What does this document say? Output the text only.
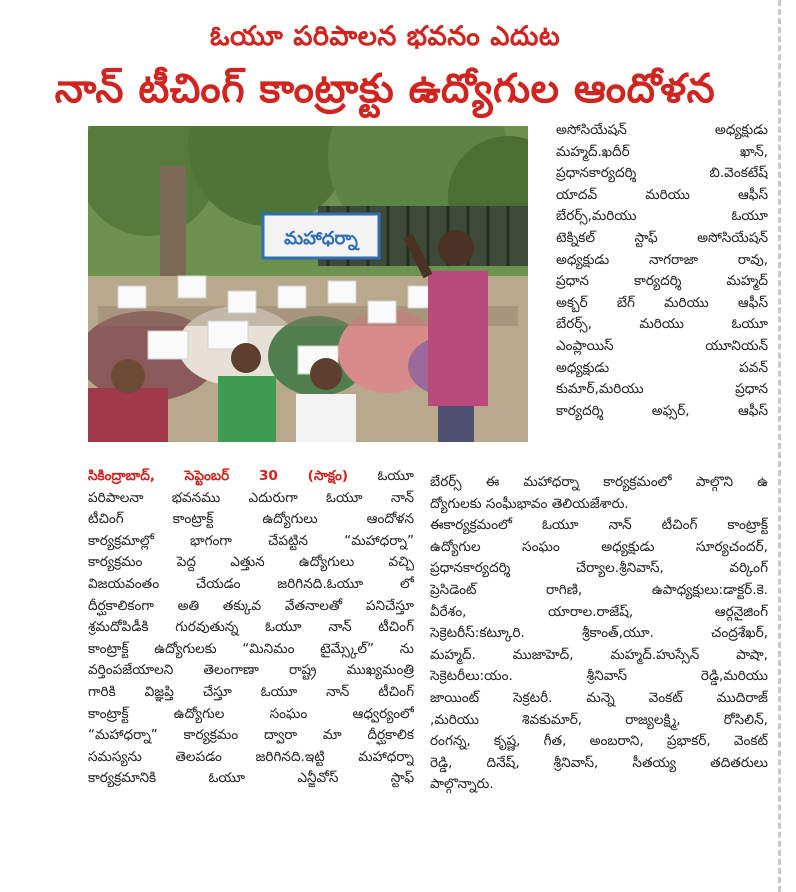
ఓయూ పరిపాలన భవనం ఎదుట
నాన్ టీచింగ్ కాంట్రాక్టు ఉద్యోగుల ఆందోళన
మహాధర్నా
అసోసియేషన్ అధ్యక్షుడు
మహ్మద్.ఖదీర్ ఖాన్,
ప్రధానకార్యదర్శి బి.వెంకటేష్
యాదవ్ మరియు ఆఫీస్
బేరర్స్,మరియు ఓయూ
టెక్నికల్ స్టాఫ్ అసోసియేషన్
అధ్యక్షుడు నాగరాజా రావు,
ప్రధాన కార్యదర్శి మహ్మద్
అక్బర్ బేగ్ మరియు ఆఫీస్
బేరర్స్, మరియు ఓయూ
ఎంప్లాయిస్ యూనియన్
అధ్యక్షుడు పవన్
కుమార్,మరియు ప్రధాన
కార్యదర్శి అఫ్సర్, ఆఫీస్
సికింద్రాబాద్, సెప్టెంబర్ 30 (సాక్షం) ఓయూ
పరిపాలనా భవనము ఎదురుగా ఓయూ నాన్
టీచింగ్ కాంట్రాక్ట్ ఉద్యోగులు ఆందోళన
కార్యక్రమాల్లో భాగంగా చేపట్టిన “మహాధర్నా”
కార్యక్రమం పెద్ద ఎత్తున ఉద్యోగులు వచ్చి
విజయవంతం చేయడం జరిగినది.ఓయూ లో
దీర్ఘకాలికంగా అతి తక్కువ వేతనాలతో పనిచేస్తూ
శ్రమదోపిడీకి గురవుతున్న ఓయూ నాన్ టీచింగ్
కాంట్రాక్ట్ ఉద్యోగులకు “మినిమం టైమ్స్కేల్” ను
వర్తింపజేయాలని తెలంగాణా రాష్ట్ర ముఖ్యమంత్రి
గారికి విజ్ఞప్తి చేస్తూ ఓయూ నాన్ టీచింగ్
కాంట్రాక్ట్ ఉద్యోగుల సంఘం ఆధ్వర్యంలో
“మహాధర్నా” కార్యక్రమం ద్వారా మా దీర్ఘకాలిక
సమస్యను తెలపడం జరిగినది.ఇట్టి మహాధర్నా
కార్యక్రమానికి ఓయూ ఎన్జీవోస్ స్టాఫ్
బేరర్స్ ఈ మహాధర్నా కార్యక్రమంలో పాల్గొని ఉ
ద్యోగులకు సంఘీభావం తెలియజేశారు.
ఈకార్యక్రమంలో ఓయూ నాన్ టీచింగ్ కాంట్రాక్ట్
ఉద్యోగుల సంఘం అధ్యక్షుడు సూర్యచందర్,
ప్రధానకార్యదర్శి చేర్యాల.శ్రీనివాస్, వర్కింగ్
ప్రెసిడెంట్ రాగిణి, ఉపాధ్యక్షులు:డాక్టర్.కె.
వీరేశం, యారాల.రాజేష్, ఆర్గనైజింగ్
సెక్రెటరీస్:కట్కూరి. శ్రీకాంత్,యూ. చంద్రశేఖర్,
మహ్మద్. ముజాహెద్, మహ్మద్.హుస్సేన్ పాషా,
సెక్రెటరీలు:యం. శ్రీనివాస్ రెడ్డి,మరియు
జాయింట్ సెక్రటరీ. మన్నె వెంకట్ ముదిరాజ్
,మరియు శివకుమార్, రాజ్యలక్ష్మి, రోసిలిన్,
రంగన్న, కృష్ణ, గీత, అంబరాని, ప్రభాకర్, వెంకట్
రెడ్డి, దినేష్, శ్రీనివాస్, సీతయ్య తదితరులు
పాల్గొన్నారు.
